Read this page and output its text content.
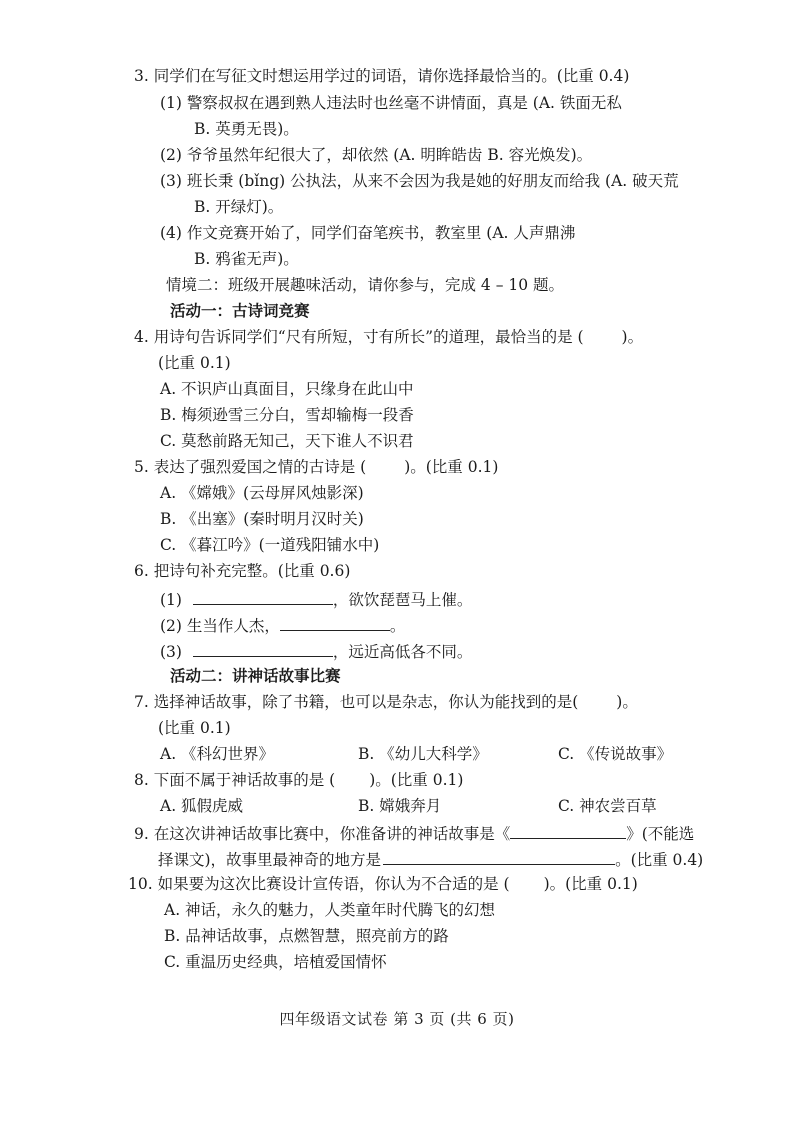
3. 同学们在写征文时想运用学过的词语，请你选择最恰当的。(比重 0.4)
(1) 警察叔叔在遇到熟人违法时也丝毫不讲情面，真是 (A. 铁面无私
B. 英勇无畏)。
(2) 爷爷虽然年纪很大了，却依然 (A. 明眸皓齿 B. 容光焕发)。
(3) 班长秉 (bǐng) 公执法，从来不会因为我是她的好朋友而给我 (A. 破天荒
B. 开绿灯)。
(4) 作文竞赛开始了，同学们奋笔疾书，教室里 (A. 人声鼎沸
B. 鸦雀无声)。
情境二：班级开展趣味活动，请你参与，完成 4 – 10 题。
活动一：古诗词竞赛
4. 用诗句告诉同学们“尺有所短，寸有所长”的道理，最恰当的是 ( )。
(比重 0.1)
A. 不识庐山真面目，只缘身在此山中
B. 梅须逊雪三分白，雪却输梅一段香
C. 莫愁前路无知己，天下谁人不识君
5. 表达了强烈爱国之情的古诗是 ( )。(比重 0.1)
A. 《嫦娥》(云母屏风烛影深)
B. 《出塞》(秦时明月汉时关)
C. 《暮江吟》(一道残阳铺水中)
6. 把诗句补充完整。(比重 0.6)
(1)	，欲饮琵琶马上催。
(2) 生当作人杰，	。
(3)	，远近高低各不同。
活动二：讲神话故事比赛
7. 选择神话故事，除了书籍，也可以是杂志，你认为能找到的是( )。
(比重 0.1)
A. 《科幻世界》	B. 《幼儿大科学》	C. 《传说故事》
8. 下面不属于神话故事的是 ( )。(比重 0.1)
A. 狐假虎威	B. 嫦娥奔月	C. 神农尝百草
9. 在这次讲神话故事比赛中，你准备讲的神话故事是《	》(不能选
择课文)，故事里最神奇的地方是	。(比重 0.4)
10. 如果要为这次比赛设计宣传语，你认为不合适的是 ( )。(比重 0.1)
A. 神话，永久的魅力，人类童年时代腾飞的幻想
B. 品神话故事，点燃智慧，照亮前方的路
C. 重温历史经典，培植爱国情怀
四年级语文试卷 第 3 页 (共 6 页)
